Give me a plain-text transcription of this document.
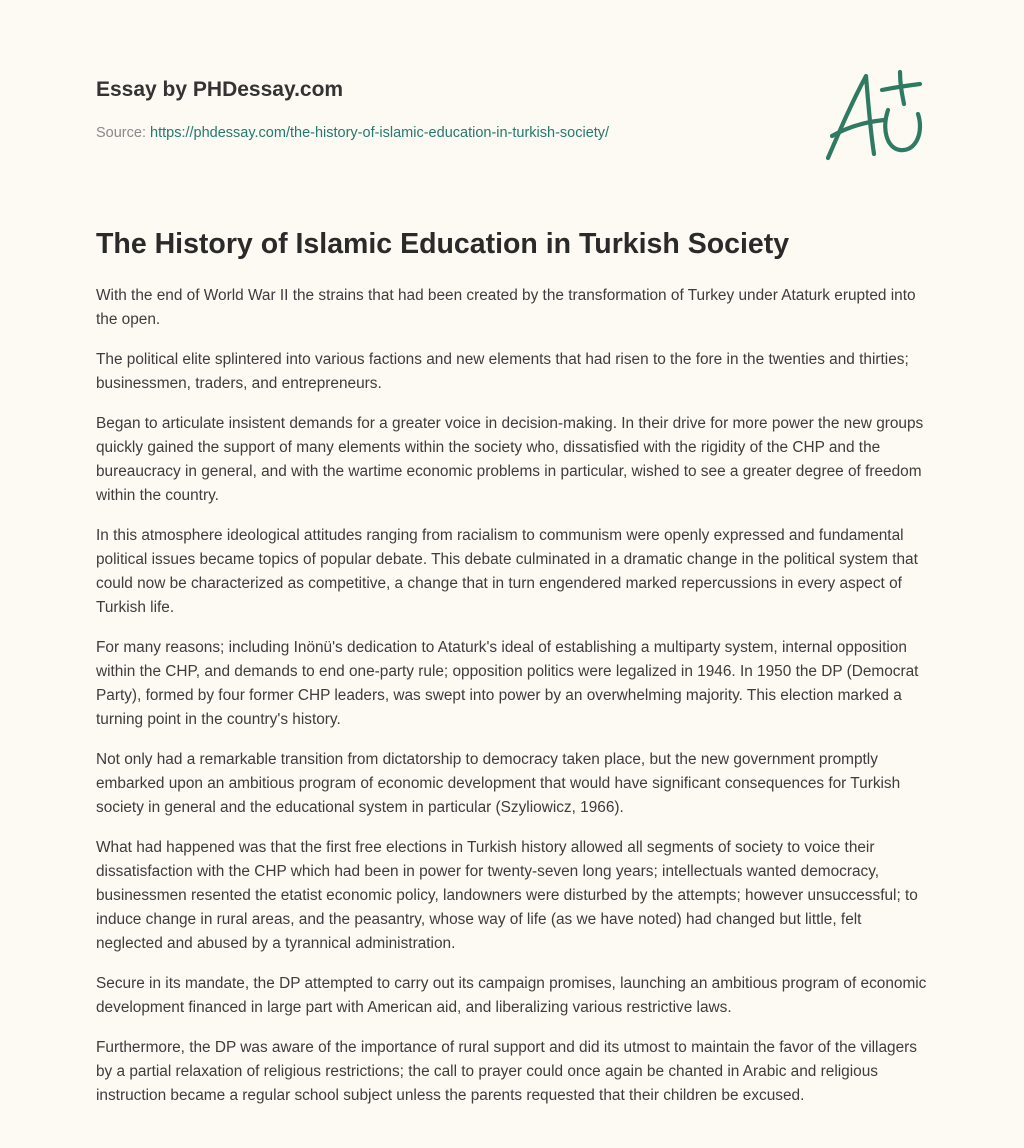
Essay by PHDessay.com
Source: https://phdessay.com/the-history-of-islamic-education-in-turkish-society/
The History of Islamic Education in Turkish Society

With the end of World War II the strains that had been created by the transformation of Turkey under Ataturk erupted into the open.

The political elite splintered into various factions and new elements that had risen to the fore in the twenties and thirties; businessmen, traders, and entrepreneurs.

Began to articulate insistent demands for a greater voice in decision-making. In their drive for more power the new groups quickly gained the support of many elements within the society who, dissatisfied with the rigidity of the CHP and the bureaucracy in general, and with the wartime economic problems in particular, wished to see a greater degree of freedom within the country.

In this atmosphere ideological attitudes ranging from racialism to communism were openly expressed and fundamental political issues became topics of popular debate. This debate culminated in a dramatic change in the political system that could now be characterized as competitive, a change that in turn engendered marked repercussions in every aspect of Turkish life.

For many reasons; including Inönü's dedication to Ataturk's ideal of establishing a multiparty system, internal opposition within the CHP, and demands to end one-party rule; opposition politics were legalized in 1946. In 1950 the DP (Democrat Party), formed by four former CHP leaders, was swept into power by an overwhelming majority. This election marked a turning point in the country's history.

Not only had a remarkable transition from dictatorship to democracy taken place, but the new government promptly embarked upon an ambitious program of economic development that would have significant consequences for Turkish society in general and the educational system in particular (Szyliowicz, 1966).

What had happened was that the first free elections in Turkish history allowed all segments of society to voice their dissatisfaction with the CHP which had been in power for twenty-seven long years; intellectuals wanted democracy, businessmen resented the etatist economic policy, landowners were disturbed by the attempts; however unsuccessful; to induce change in rural areas, and the peasantry, whose way of life (as we have noted) had changed but little, felt neglected and abused by a tyrannical administration.

Secure in its mandate, the DP attempted to carry out its campaign promises, launching an ambitious program of economic development financed in large part with American aid, and liberalizing various restrictive laws.

Furthermore, the DP was aware of the importance of rural support and did its utmost to maintain the favor of the villagers by a partial relaxation of religious restrictions; the call to prayer could once again be chanted in Arabic and religious instruction became a regular school subject unless the parents requested that their children be excused.
